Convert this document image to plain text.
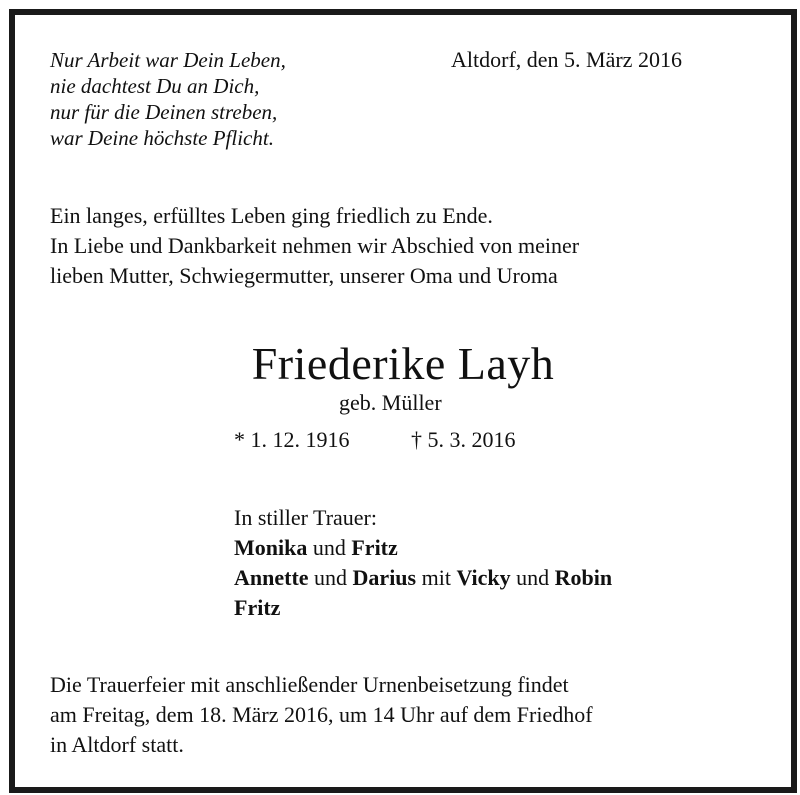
Nur Arbeit war Dein Leben,
nie dachtest Du an Dich,
nur für die Deinen streben,
war Deine höchste Pflicht.
Altdorf, den 5. März 2016
Ein langes, erfülltes Leben ging friedlich zu Ende.
In Liebe und Dankbarkeit nehmen wir Abschied von meiner
lieben Mutter, Schwiegermutter, unserer Oma und Uroma
Friederike Layh
geb. Müller
* 1. 12. 1916	† 5. 3. 2016
In stiller Trauer:
Monika und Fritz
Annette und Darius mit Vicky und Robin
Fritz
Die Trauerfeier mit anschließender Urnenbeisetzung findet
am Freitag, dem 18. März 2016, um 14 Uhr auf dem Friedhof
in Altdorf statt.
